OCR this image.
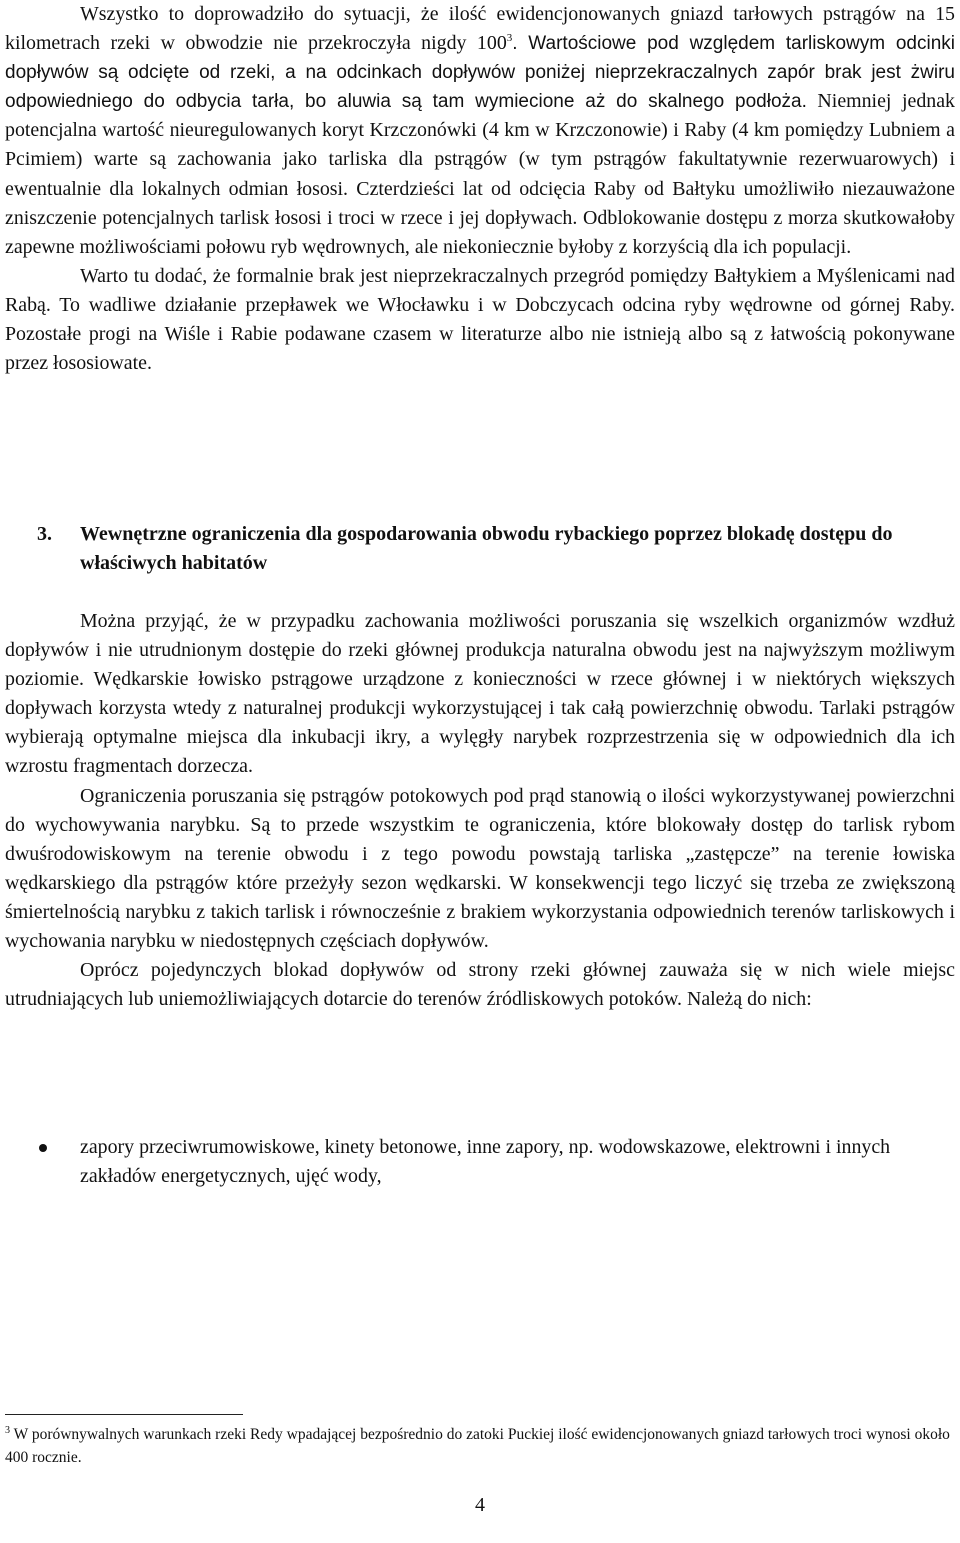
Wszystko to doprowadziło do sytuacji, że ilość ewidencjonowanych gniazd tarłowych pstrągów na 15 kilometrach rzeki w obwodzie nie przekroczyła nigdy $100^3$. Wartościowe pod względem tarliskowym odcinki dopływów są odcięte od rzeki, a na odcinkach dopływów poniżej nieprzekraczalnych zapór brak jest żwiru odpowiedniego do odbycia tarła, bo aluwia są tam wymiecione aż do skalnego podłoża. Niemniej jednak potencjalna wartość nieuregulowanych koryt Krzczonówki (4 km w Krzczonowie) i Raby (4 km pomiędzy Lubniem a Pcimiem) warte są zachowania jako tarliska dla pstrągów (w tym pstrągów fakultatywnie rezerwuarowych) i ewentualnie dla lokalnych odmian łososi. Czterdzieści lat od odcięcia Raby od Bałtyku umożliwiło niezauważone zniszczenie potencjalnych tarlisk łososi i troci w rzece i jej dopływach. Odblokowanie dostępu z morza skutkowałoby zapewne możliwościami połowu ryb wędrownych, ale niekoniecznie byłoby z korzyścią dla ich populacji.

Warto tu dodać, że formalnie brak jest nieprzekraczalnych przegród pomiędzy Bałtykiem a Myślenicami nad Rabą. To wadliwe działanie przepławek we Włocławku i w Dobczycach odcina ryby wędrowne od górnej Raby. Pozostałe progi na Wiśle i Rabie podawane czasem w literaturze albo nie istnieją albo są z łatwością pokonywane przez łososiowate.

3. Wewnętrzne ograniczenia dla gospodarowania obwodu rybackiego poprzez blokadę dostępu do właściwych habitatów

Można przyjąć, że w przypadku zachowania możliwości poruszania się wszelkich organizmów wzdłuż dopływów i nie utrudnionym dostępie do rzeki głównej produkcja naturalna obwodu jest na najwyższym możliwym poziomie. Wędkarskie łowisko pstrągowe urządzone z konieczności w rzece głównej i w niektórych większych dopływach korzysta wtedy z naturalnej produkcji wykorzystującej i tak całą powierzchnię obwodu. Tarlaki pstrągów wybierają optymalne miejsca dla inkubacji ikry, a wylęgły narybek rozprzestrzenia się w odpowiednich dla ich wzrostu fragmentach dorzecza.

Ograniczenia poruszania się pstrągów potokowych pod prąd stanowią o ilości wykorzystywanej powierzchni do wychowywania narybku. Są to przede wszystkim te ograniczenia, które blokowały dostęp do tarlisk rybom dwuśrodowiskowym na terenie obwodu i z tego powodu powstają tarliska „zastępcze” na terenie łowiska wędkarskiego dla pstrągów które przeżyły sezon wędkarski. W konsekwencji tego liczyć się trzeba ze zwiększoną śmiertelnością narybku z takich tarlisk i równocześnie z brakiem wykorzystania odpowiednich terenów tarliskowych i wychowania narybku w niedostępnych częściach dopływów.

Oprócz pojedynczych blokad dopływów od strony rzeki głównej zauważa się w nich wiele miejsc utrudniających lub uniemożliwiających dotarcie do terenów źródliskowych potoków. Należą do nich:

zapory przeciwrumowiskowe, kinety betonowe, inne zapory, np. wodowskazowe, elektrowni i innych zakładów energetycznych, ujęć wody,
$^3$ W porównywalnych warunkach rzeki Redy wpadającej bezpośrednio do zatoki Puckiej ilość ewidencjonowanych gniazd tarłowych troci wynosi około 400 rocznie.
4
